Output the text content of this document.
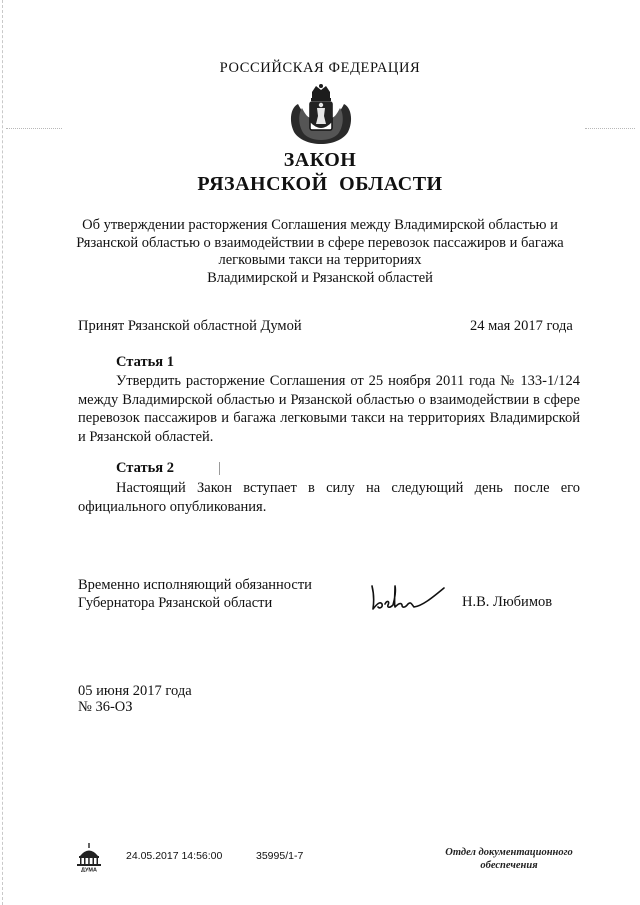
РОССИЙСКАЯ ФЕДЕРАЦИЯ
ЗАКОН
РЯЗАНСКОЙ ОБЛАСТИ
Об утверждении расторжения Соглашения между Владимирской областью и
Рязанской областью о взаимодействии в сфере перевозок пассажиров и багажа
легковыми такси на территориях
Владимирской и Рязанской областей
Принят Рязанской областной Думой	24 мая 2017 года
Статья 1
Утвердить расторжение Соглашения от 25 ноября 2011 года № 133-1/124 между Владимирской областью и Рязанской областью о взаимодействии в сфере перевозок пассажиров и багажа легковыми такси на территориях Владимирской и Рязанской областей.
Статья 2
Настоящий Закон вступает в силу на следующий день после его официального опубликования.
Временно исполняющий обязанности
Губернатора Рязанской области	Н.В. Любимов
05 июня 2017 года
№ 36-ОЗ
ДУМА
24.05.2017 14:56:00	35995/1-7	Отдел документационного
обеспечения
